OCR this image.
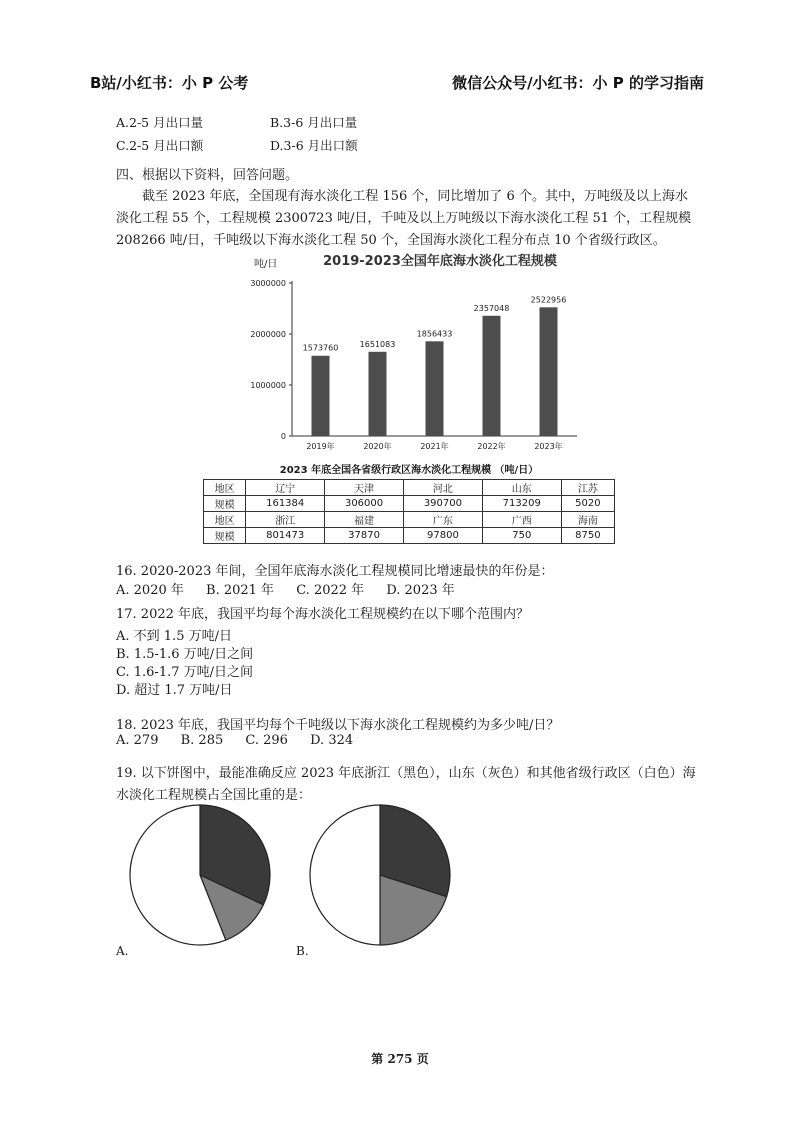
B站/小红书：小 P 公考	微信公众号/小红书：小 P 的学习指南
A.2-5 月出口量	B.3-6 月出口量
C.2-5 月出口额	D.3-6 月出口额
四、根据以下资料，回答问题。

截至 2023 年底，全国现有海水淡化工程 156 个，同比增加了 6 个。其中，万吨级及以上海水淡化工程 55 个，工程规模 2300723 吨/日，千吨及以上万吨级以下海水淡化工程 51 个，工程规模 208266 吨/日，千吨级以下海水淡化工程 50 个，全国海水淡化工程分布点 10 个省级行政区。

2019-2023全国年底海水淡化工程规模
吨/日
0
1000000
2000000
3000000
1573760
2019年
1651083
2020年
1856433
2021年
2357048
2022年
2522956
2023年
2023 年底全国各省级行政区海水淡化工程规模 （吨/日）
地区	辽宁	天津	河北	山东	江苏
规模	161384	306000	390700	713209	5020
地区	浙江	福建	广东	广西	海南
规模	801473	37870	97800	750	8750
16. 2020-2023 年间，全国年底海水淡化工程规模同比增速最快的年份是：
A. 2020 年 B. 2021 年 C. 2022 年 D. 2023 年
17. 2022 年底，我国平均每个海水淡化工程规模约在以下哪个范围内？
A. 不到 1.5 万吨/日
B. 1.5-1.6 万吨/日之间
C. 1.6-1.7 万吨/日之间
D. 超过 1.7 万吨/日
18. 2023 年底，我国平均每个千吨级以下海水淡化工程规模约为多少吨/日？
A. 279 B. 285 C. 296 D. 324
19. 以下饼图中，最能准确反应 2023 年底浙江（黑色），山东（灰色）和其他省级行政区（白色）海
水淡化工程规模占全国比重的是：
A.	B.
第 275 页
